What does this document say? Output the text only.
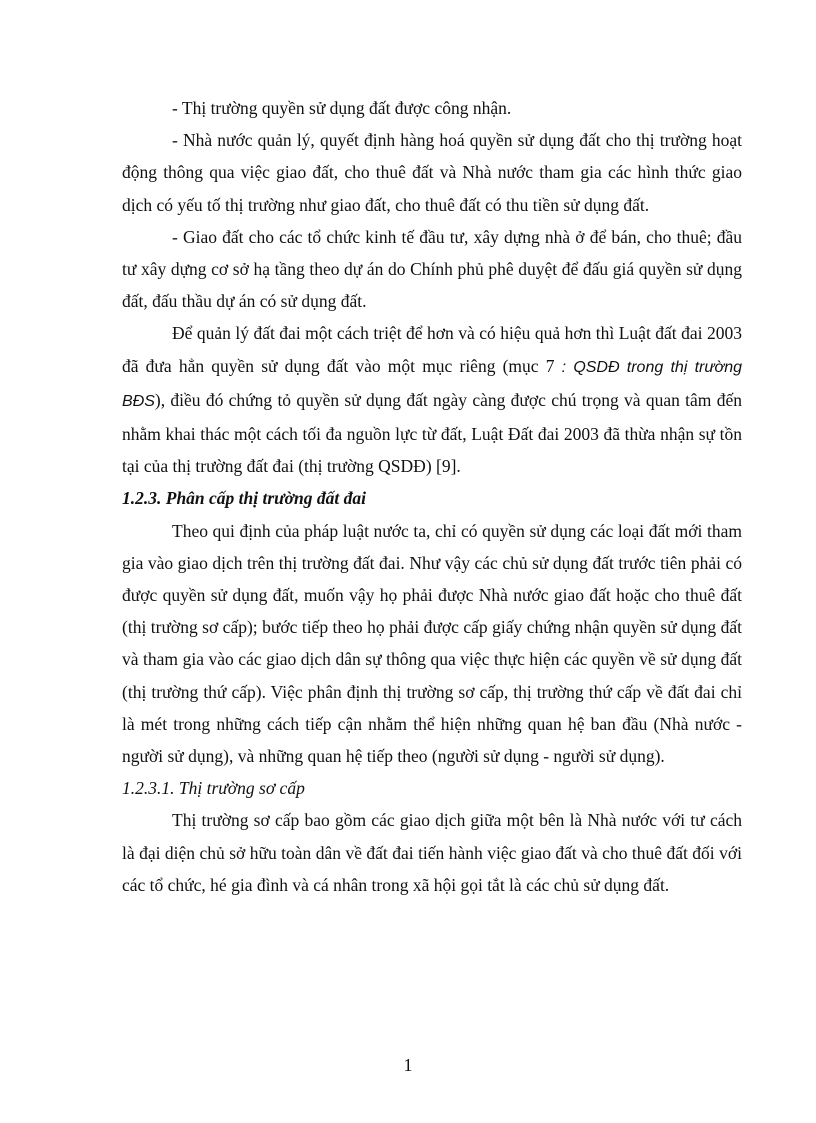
- Thị trường quyền sử dụng đất được công nhận.

- Nhà nước quản lý, quyết định hàng hoá quyền sử dụng đất cho thị trường hoạt động thông qua việc giao đất, cho thuê đất và Nhà nước tham gia các hình thức giao dịch có yếu tố thị trường như giao đất, cho thuê đất có thu tiền sử dụng đất.

- Giao đất cho các tổ chức kinh tế đầu tư, xây dựng nhà ở để bán, cho thuê; đầu tư xây dựng cơ sở hạ tầng theo dự án do Chính phủ phê duyệt để đấu giá quyền sử dụng đất, đấu thầu dự án có sử dụng đất.

Để quản lý đất đai một cách triệt để hơn và có hiệu quả hơn thì Luật đất đai 2003 đã đưa hẳn quyền sử dụng đất vào một mục riêng (mục 7 : QSDĐ trong thị trường BĐS), điều đó chứng tỏ quyền sử dụng đất ngày càng được chú trọng và quan tâm đến nhằm khai thác một cách tối đa nguồn lực từ đất, Luật Đất đai 2003 đã thừa nhận sự tồn tại của thị trường đất đai (thị trường QSDĐ) [9].

1.2.3. Phân cấp thị trường đất đai

Theo qui định của pháp luật nước ta, chỉ có quyền sử dụng các loại đất mới tham gia vào giao dịch trên thị trường đất đai. Như vậy các chủ sử dụng đất trước tiên phải có được quyền sử dụng đất, muốn vậy họ phải được Nhà nước giao đất hoặc cho thuê đất (thị trường sơ cấp); bước tiếp theo họ phải được cấp giấy chứng nhận quyền sử dụng đất và tham gia vào các giao dịch dân sự thông qua việc thực hiện các quyền về sử dụng đất (thị trường thứ cấp). Việc phân định thị trường sơ cấp, thị trường thứ cấp về đất đai chỉ là mét trong những cách tiếp cận nhằm thể hiện những quan hệ ban đầu (Nhà nước - người sử dụng), và những quan hệ tiếp theo (người sử dụng - người sử dụng).

1.2.3.1. Thị trường sơ cấp

Thị trường sơ cấp bao gồm các giao dịch giữa một bên là Nhà nước với tư cách là đại diện chủ sở hữu toàn dân về đất đai tiến hành việc giao đất và cho thuê đất đối với các tổ chức, hé gia đình và cá nhân trong xã hội gọi tắt là các chủ sử dụng đất.

1
